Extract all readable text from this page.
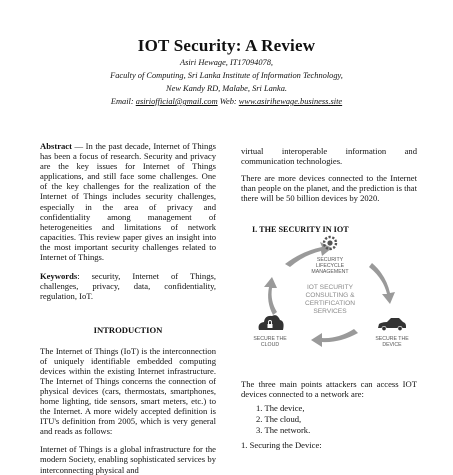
IOT Security: A Review
Asiri Hewage, IT17094078,
Faculty of Computing, Sri Lanka Institute of Information Technology,
New Kandy RD, Malabe, Sri Lanka.
Email: asiriofficial@gmail.com Web: www.asirihewage.business.site

Abstract — In the past decade, Internet of Things has been a focus of research. Security and privacy are the key issues for Internet of Things applications, and still face some challenges. One of the key challenges for the realization of the Internet of Things includes security challenges, especially in the area of privacy and confidentiality among management of heterogeneities and limitations of network capacities. This review paper gives an insight into the most important security challenges related to Internet of Things.

Keywords: security, Internet of Things, challenges, privacy, data, confidentiality, regulation, IoT.

INTRODUCTION

The Internet of Things (IoT) is the interconnection of uniquely identifiable embedded computing devices within the existing Internet infrastructure. The Internet of Things concerns the connection of physical devices (cars, thermostats, smartphones, home lighting, tide sensors, smart meters, etc.) to the Internet. A more widely accepted definition is ITU's definition from 2005, which is very general and reads as follows:

Internet of Things is a global infrastructure for the modern Society, enabling sophisticated services by interconnecting physical and

virtual interoperable information and communication technologies.

There are more devices connected to the Internet than people on the planet, and the prediction is that there will be 50 billion devices by 2020.

I. THE SECURITY IN IOT
SECURITY
LIFECYCLE
MANAGEMENT
IOT SECURITY
CONSULTING &
CERTIFICATION
SERVICES
SECURE THE
CLOUD
SECURE THE
DEVICE

The three main points attackers can access IOT devices connected to a network are:

1. The device,
2. The cloud,
3. The network.

1. Securing the Device:
